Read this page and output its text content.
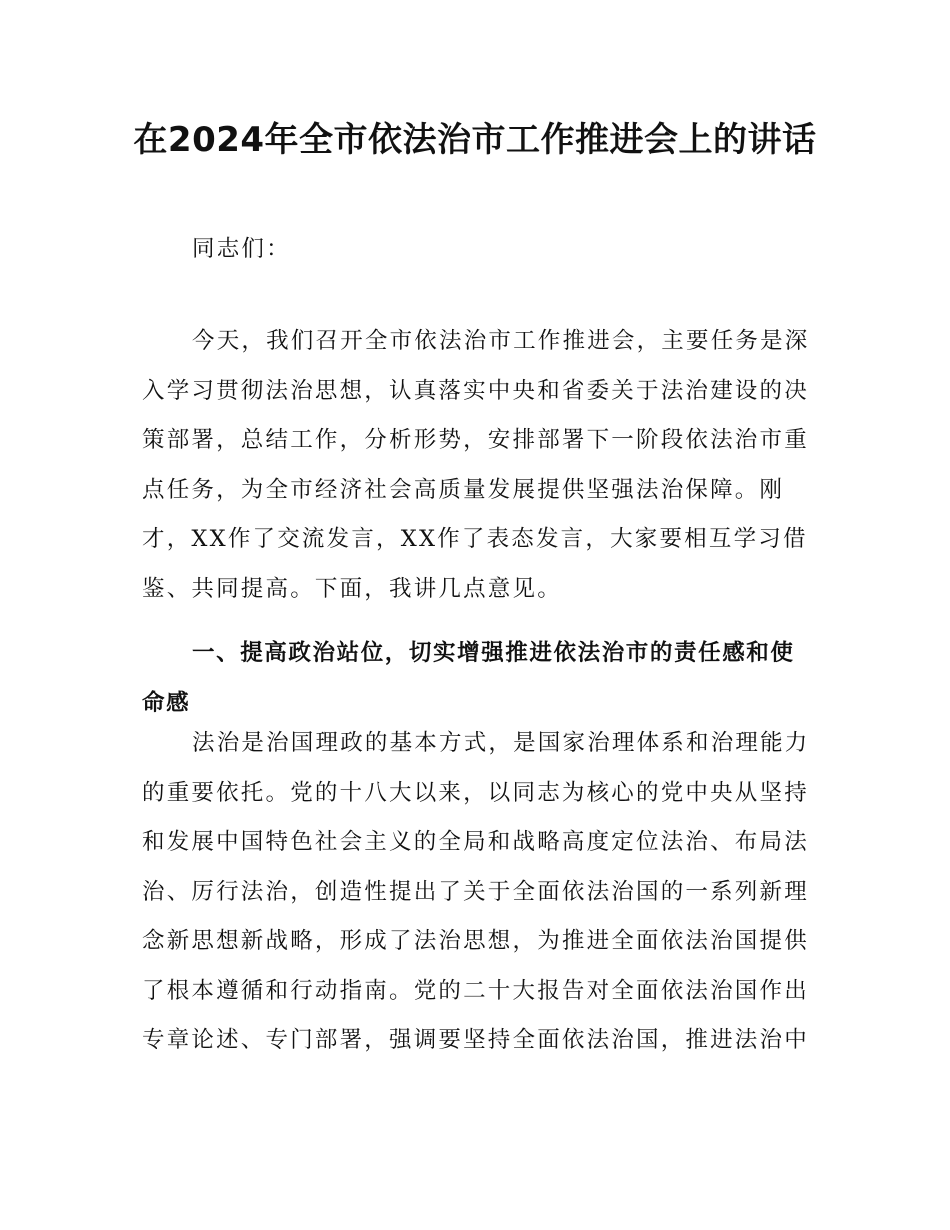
在2024年全市依法治市工作推进会上的讲话

同志们：

今天，我们召开全市依法治市工作推进会，主要任务是深入学习贯彻法治思想，认真落实中央和省委关于法治建设的决策部署，总结工作，分析形势，安排部署下一阶段依法治市重点任务，为全市经济社会高质量发展提供坚强法治保障。刚才，XX作了交流发言，XX作了表态发言，大家要相互学习借鉴、共同提高。下面，我讲几点意见。

一、提高政治站位，切实增强推进依法治市的责任感和使命感

法治是治国理政的基本方式，是国家治理体系和治理能力的重要依托。党的十八大以来，以同志为核心的党中央从坚持和发展中国特色社会主义的全局和战略高度定位法治、布局法治、厉行法治，创造性提出了关于全面依法治国的一系列新理念新思想新战略，形成了法治思想，为推进全面依法治国提供了根本遵循和行动指南。党的二十大报告对全面依法治国作出专章论述、专门部署，强调要坚持全面依法治国，推进法治中
